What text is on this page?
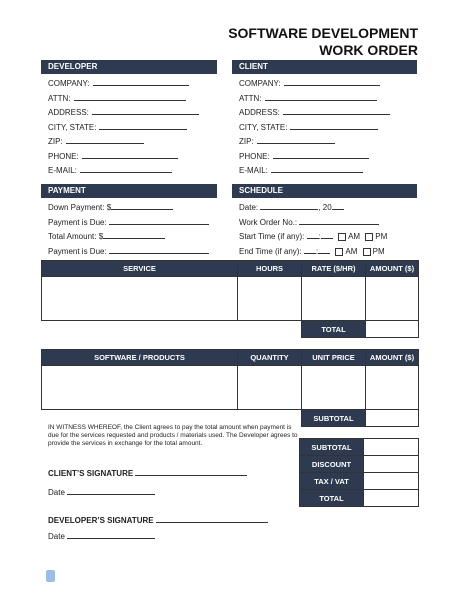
SOFTWARE DEVELOPMENT
WORK ORDER
DEVELOPER
COMPANY:
ATTN:
ADDRESS:
CITY, STATE:
ZIP:
PHONE:
E-MAIL:
CLIENT
COMPANY:
ATTN:
ADDRESS:
CITY, STATE:
ZIP:
PHONE:
E-MAIL:
PAYMENT
Down Payment: $
Payment is Due:
Total Amount: $
Payment is Due:
SCHEDULE
Date:	, 20
Work Order No.:
Start Time (if any): :	AM PM
End Time (if any): :	AM PM
SERVICE	HOURS	RATE ($/HR)	AMOUNT ($)

		TOTAL	
SOFTWARE / PRODUCTS	QUANTITY	UNIT PRICE	AMOUNT ($)

		SUBTOTAL	
IN WITNESS WHEREOF, the Client agrees to pay the total amount when payment is due for the services requested and products / materials used. The Developer agrees to provide the services in exchange for the total amount.	SUBTOTAL	
DISCOUNT	
TAX / VAT	
TOTAL	
CLIENT’S SIGNATURE
Date
DEVELOPER’S SIGNATURE
Date
